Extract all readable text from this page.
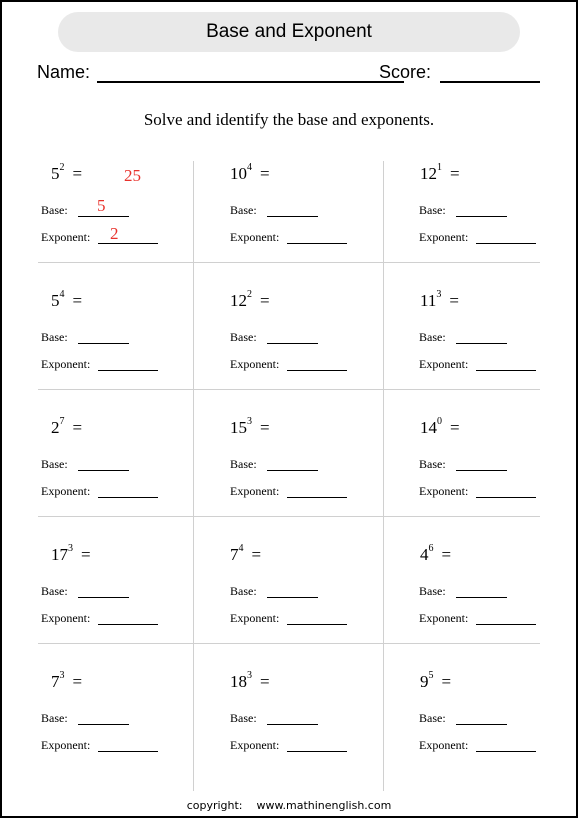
Base and Exponent
Name:	Score:
Solve and identify the base and exponents.
$5^2 = 25$
Base: 5
Exponent: 2
$10^4$ =
Base:
Exponent:
$12^1$ =
Base:
Exponent:
$5^4$ =
Base:
Exponent:
$12^2$ =
Base:
Exponent:
$11^3$ =
Base:
Exponent:
$2^7$ =
Base:
Exponent:
$15^3$ =
Base:
Exponent:
$14^0$ =
Base:
Exponent:
$17^3$ =
Base:
Exponent:
$7^4$ =
Base:
Exponent:
$4^6$ =
Base:
Exponent:
$7^3$ =
Base:
Exponent:
$18^3$ =
Base:
Exponent:
$9^5$ =
Base:
Exponent:
copyright: www.mathinenglish.com
